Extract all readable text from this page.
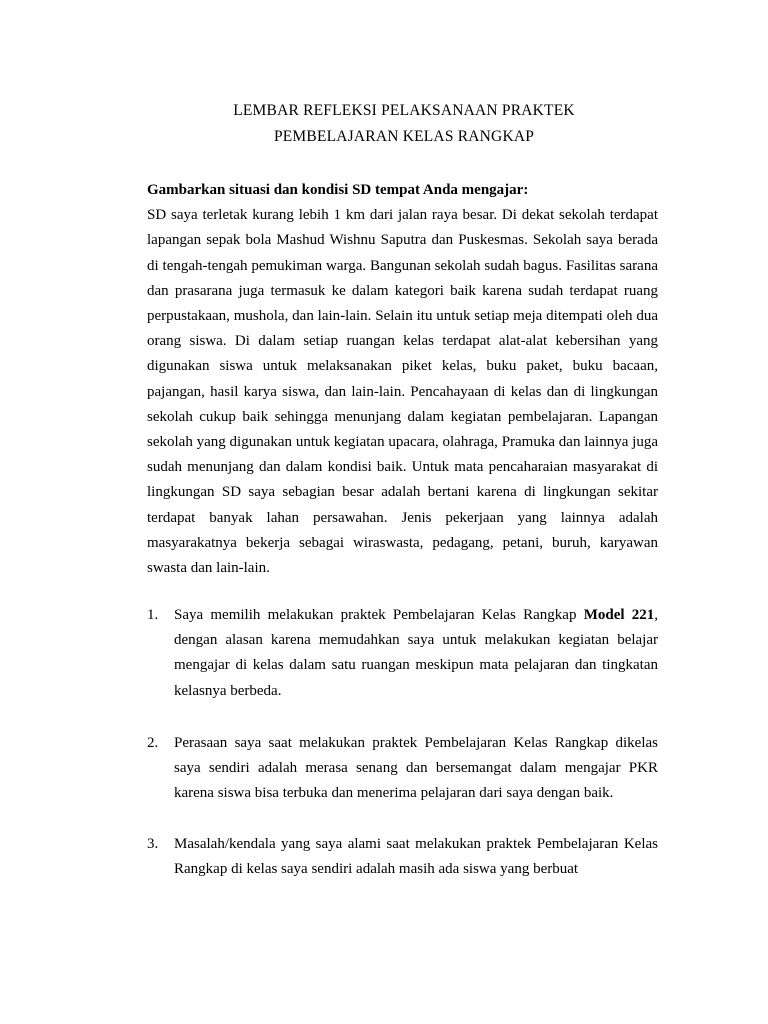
LEMBAR REFLEKSI PELAKSANAAN PRAKTEK
PEMBELAJARAN KELAS RANGKAP

Gambarkan situasi dan kondisi SD tempat Anda mengajar:

SD saya terletak kurang lebih 1 km dari jalan raya besar. Di dekat sekolah terdapat lapangan sepak bola Mashud Wishnu Saputra dan Puskesmas. Sekolah saya berada di tengah-tengah pemukiman warga. Bangunan sekolah sudah bagus. Fasilitas sarana dan prasarana juga termasuk ke dalam kategori baik karena sudah terdapat ruang perpustakaan, mushola, dan lain-lain. Selain itu untuk setiap meja ditempati oleh dua orang siswa. Di dalam setiap ruangan kelas terdapat alat-alat kebersihan yang digunakan siswa untuk melaksanakan piket kelas, buku paket, buku bacaan, pajangan, hasil karya siswa, dan lain-lain. Pencahayaan di kelas dan di lingkungan sekolah cukup baik sehingga menunjang dalam kegiatan pembelajaran. Lapangan sekolah yang digunakan untuk kegiatan upacara, olahraga, Pramuka dan lainnya juga sudah menunjang dan dalam kondisi baik. Untuk mata pencaharaian masyarakat di lingkungan SD saya sebagian besar adalah bertani karena di lingkungan sekitar terdapat banyak lahan persawahan. Jenis pekerjaan yang lainnya adalah masyarakatnya bekerja sebagai wiraswasta, pedagang, petani, buruh, karyawan swasta dan lain-lain.

1. Saya memilih melakukan praktek Pembelajaran Kelas Rangkap Model 221, dengan alasan karena memudahkan saya untuk melakukan kegiatan belajar mengajar di kelas dalam satu ruangan meskipun mata pelajaran dan tingkatan kelasnya berbeda.
2. Perasaan saya saat melakukan praktek Pembelajaran Kelas Rangkap dikelas saya sendiri adalah merasa senang dan bersemangat dalam mengajar PKR karena siswa bisa terbuka dan menerima pelajaran dari saya dengan baik.
3. Masalah/kendala yang saya alami saat melakukan praktek Pembelajaran Kelas Rangkap di kelas saya sendiri adalah masih ada siswa yang berbuat
